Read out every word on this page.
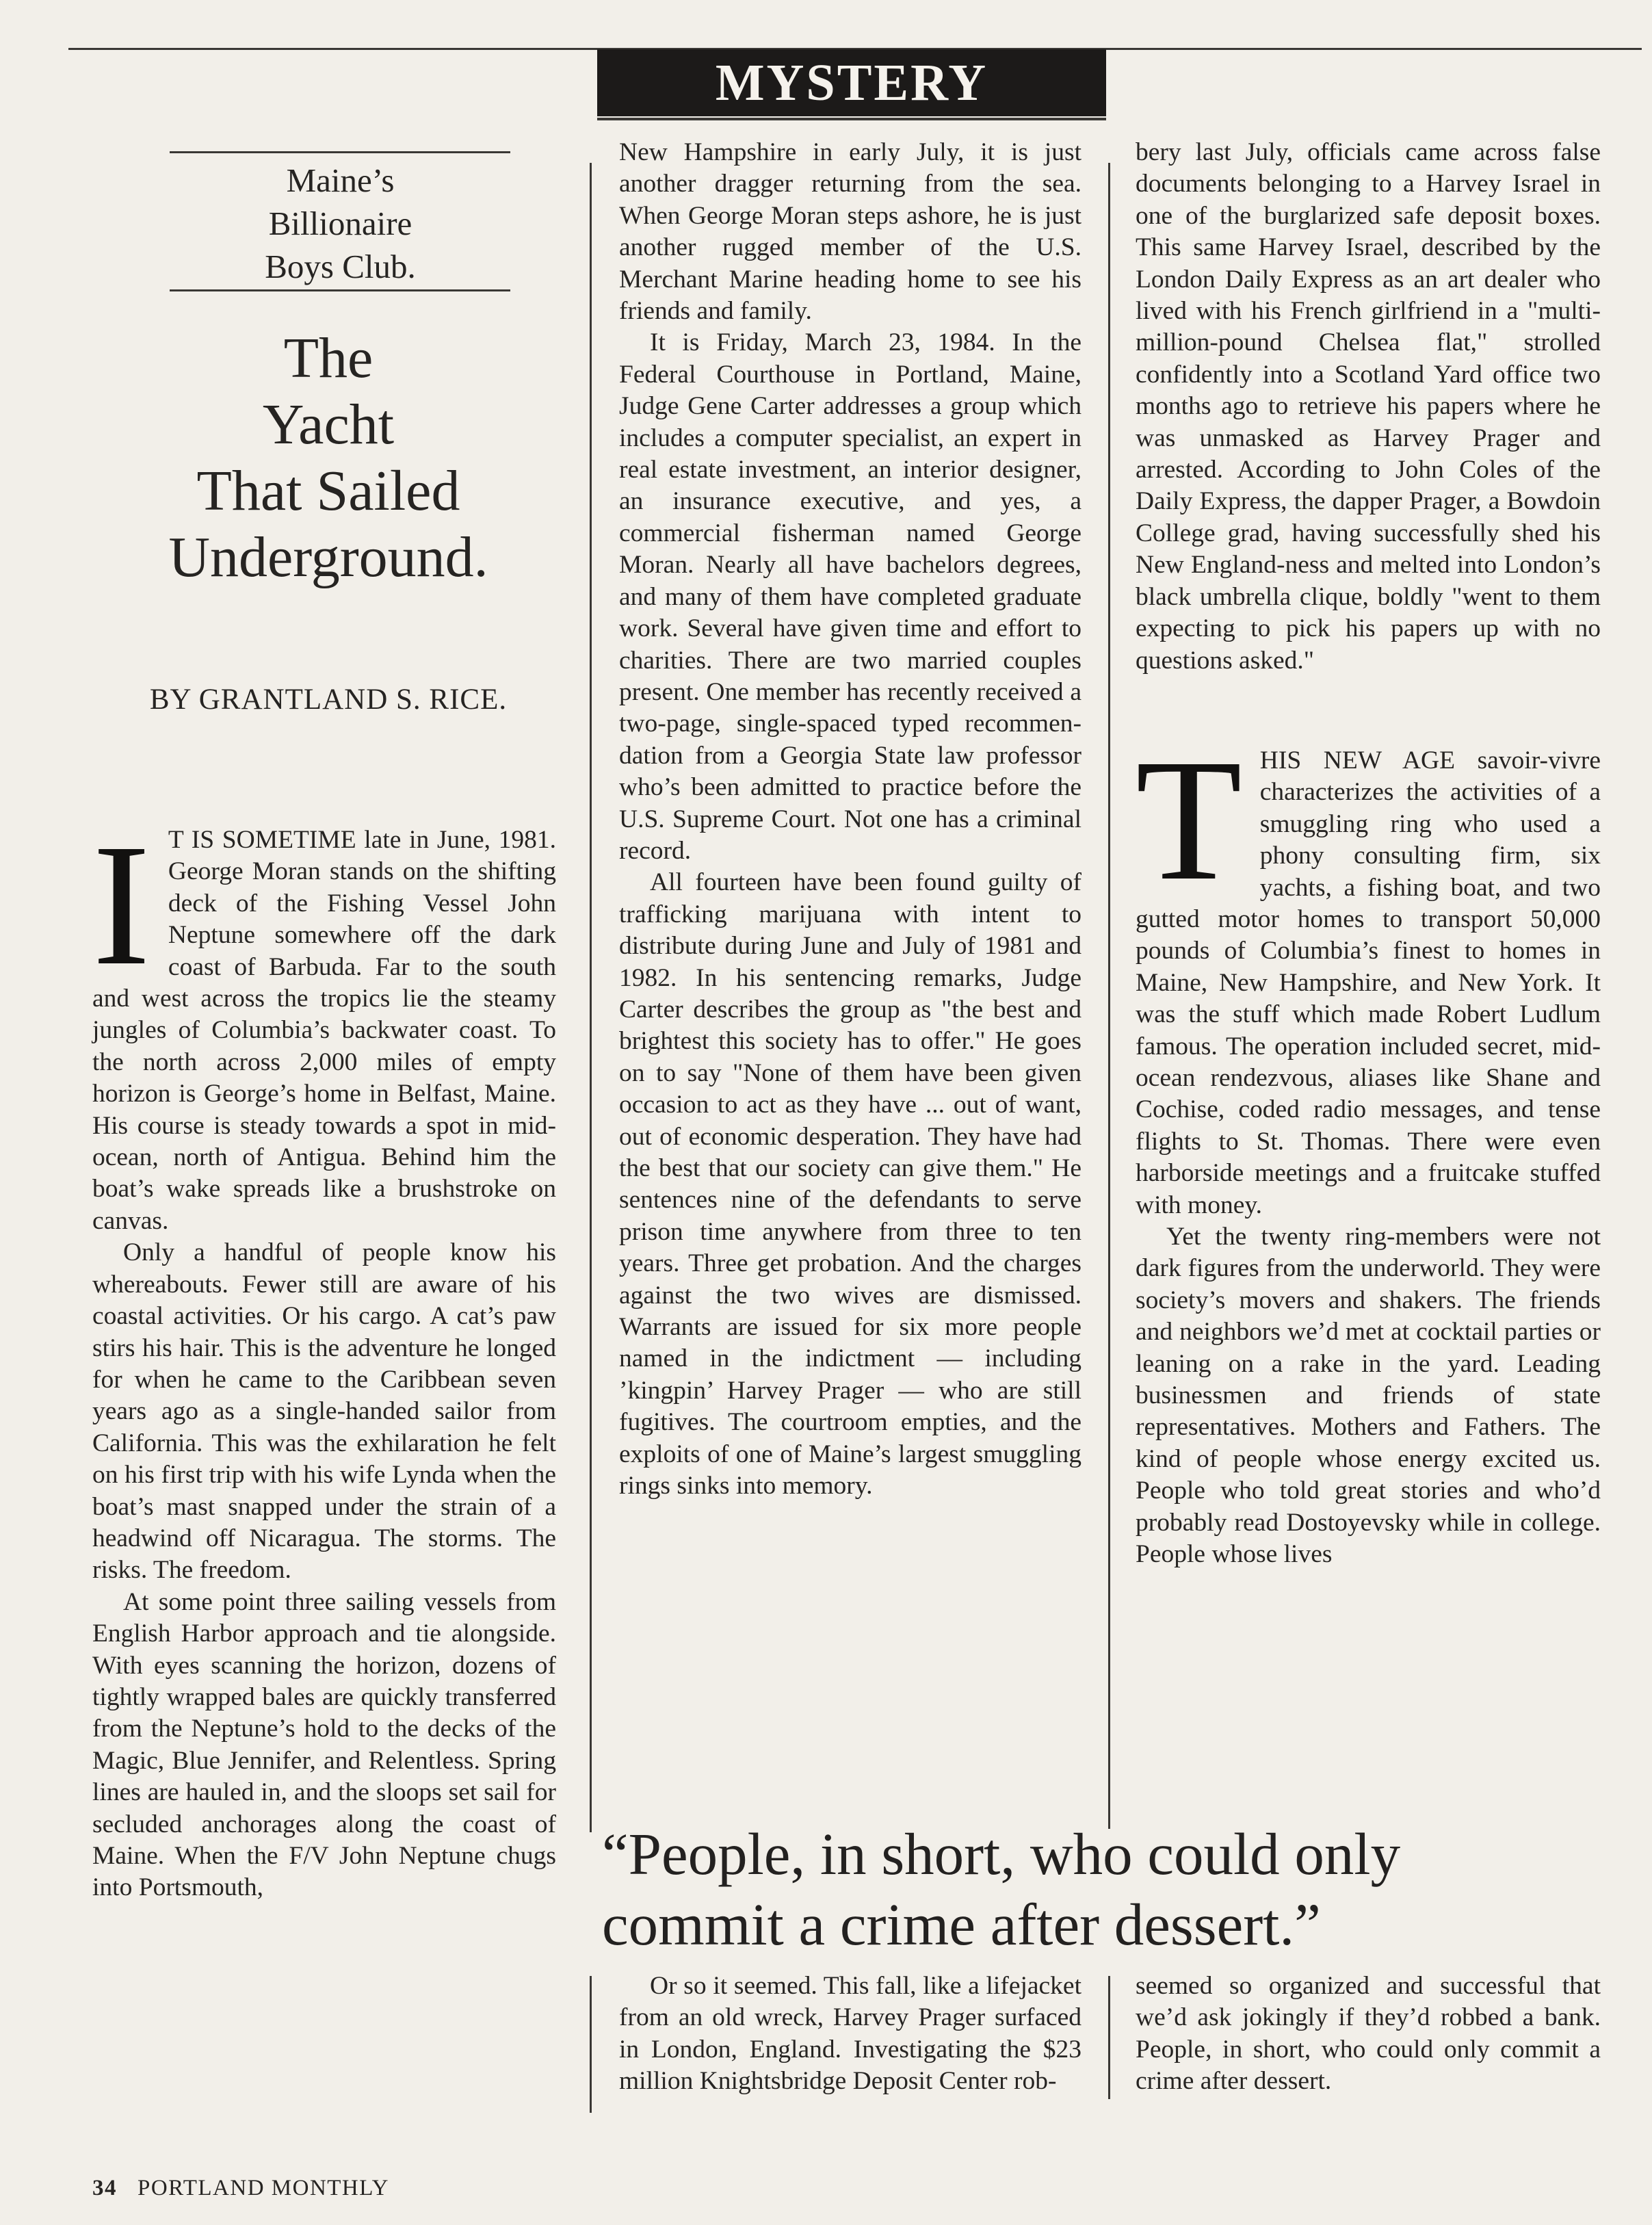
MYSTERY
Maine’s
Billionaire
Boys Club.
The
Yacht
That Sailed
Underground.
BY GRANTLAND S. RICE.

I T IS SOMETIME late in June, 1981. George Moran stands on the shifting deck of the Fishing Vessel John Neptune somewhere off the dark coast of Barbuda. Far to the south and west across the tropics lie the steamy jungles of Columbia’s backwater coast. To the north across 2,000 miles of empty horizon is George’s home in Belfast, Maine. His course is steady towards a spot in mid-ocean, north of Antigua. Behind him the boat’s wake spreads like a brushstroke on canvas.

Only a handful of people know his whereabouts. Fewer still are aware of his coastal activities. Or his cargo. A cat’s paw stirs his hair. This is the adventure he longed for when he came to the Caribbean seven years ago as a single-handed sailor from California. This was the exhilaration he felt on his first trip with his wife Lynda when the boat’s mast snapped under the strain of a headwind off Nicaragua. The storms. The risks. The freedom.

At some point three sailing vessels from English Harbor approach and tie alongside. With eyes scanning the horizon, dozens of tightly wrapped bales are quickly transferred from the Neptune’s hold to the decks of the Magic, Blue Jennifer, and Relentless. Spring lines are hauled in, and the sloops set sail for secluded anchorages along the coast of Maine. When the F/V John Neptune chugs into Portsmouth,

New Hampshire in early July, it is just another dragger returning from the sea. When George Moran steps ashore, he is just another rugged member of the U.S. Merchant Marine heading home to see his friends and family.

It is Friday, March 23, 1984. In the Federal Courthouse in Portland, Maine, Judge Gene Carter addresses a group which includes a computer specialist, an expert in real estate investment, an interior designer, an insurance executive, and yes, a commercial fisherman named George Moran. Nearly all have bachelors degrees, and many of them have completed graduate work. Several have given time and effort to charities. There are two married couples present. One member has recently received a two-page, single-spaced typed recommendation from a Georgia State law professor who’s been admitted to practice before the U.S. Supreme Court. Not one has a criminal record.

All fourteen have been found guilty of trafficking marijuana with intent to distribute during June and July of 1981 and 1982. In his sentencing remarks, Judge Carter describes the group as "the best and brightest this society has to offer." He goes on to say "None of them have been given occasion to act as they have ... out of want, out of economic desperation. They have had the best that our society can give them." He sentences nine of the defendants to serve prison time anywhere from three to ten years. Three get probation. And the charges against the two wives are dismissed. Warrants are issued for six more people named in the indictment — including ’kingpin’ Harvey Prager — who are still fugitives. The courtroom empties, and the exploits of one of Maine’s largest smuggling rings sinks into memory.

bery last July, officials came across false documents belonging to a Harvey Israel in one of the burglarized safe deposit boxes. This same Harvey Israel, described by the London Daily Express as an art dealer who lived with his French girlfriend in a "multi-million-pound Chelsea flat," strolled confidently into a Scotland Yard office two months ago to retrieve his papers where he was unmasked as Harvey Prager and arrested. According to John Coles of the Daily Express, the dapper Prager, a Bowdoin College grad, having successfully shed his New England-ness and melted into London’s black umbrella clique, boldly "went to them expecting to pick his papers up with no questions asked."

THIS NEW AGE savoir-vivre characterizes the activities of a smuggling ring who used a phony consulting firm, six yachts, a fishing boat, and two gutted motor homes to transport 50,000 pounds of Columbia’s finest to homes in Maine, New Hampshire, and New York. It was the stuff which made Robert Ludlum famous. The operation included secret, mid-ocean rendezvous, aliases like Shane and Cochise, coded radio messages, and tense flights to St. Thomas. There were even harborside meetings and a fruitcake stuffed with money.

Yet the twenty ring-members were not dark figures from the underworld. They were society’s movers and shakers. The friends and neighbors we’d met at cocktail parties or leaning on a rake in the yard. Leading businessmen and friends of state representatives. Mothers and Fathers. The kind of people whose energy excited us. People who told great stories and who’d probably read Dostoyevsky while in college. People whose lives

“People, in short, who could only
commit a crime after dessert.”

Or so it seemed. This fall, like a lifejacket from an old wreck, Harvey Prager surfaced in London, England. Investigating the $23 million Knightsbridge Deposit Center rob-

seemed so organized and successful that we’d ask jokingly if they’d robbed a bank. People, in short, who could only commit a crime after dessert.

34 PORTLAND MONTHLY
